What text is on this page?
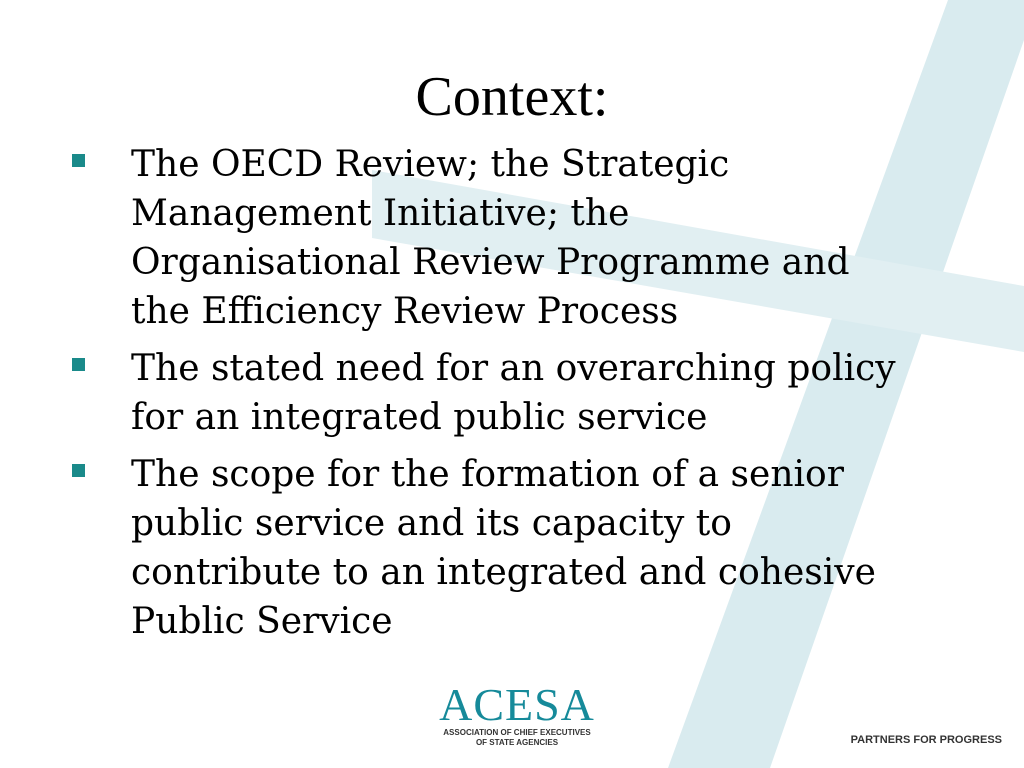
Context:
The OECD Review; the Strategic
Management Initiative; the
Organisational Review Programme and
the Efficiency Review Process
The stated need for an overarching policy
for an integrated public service
The scope for the formation of a senior
public service and its capacity to
contribute to an integrated and cohesive
Public Service
ACESA
ASSOCIATION OF CHIEF EXECUTIVES
OF STATE AGENCIES	PARTNERS FOR PROGRESS
